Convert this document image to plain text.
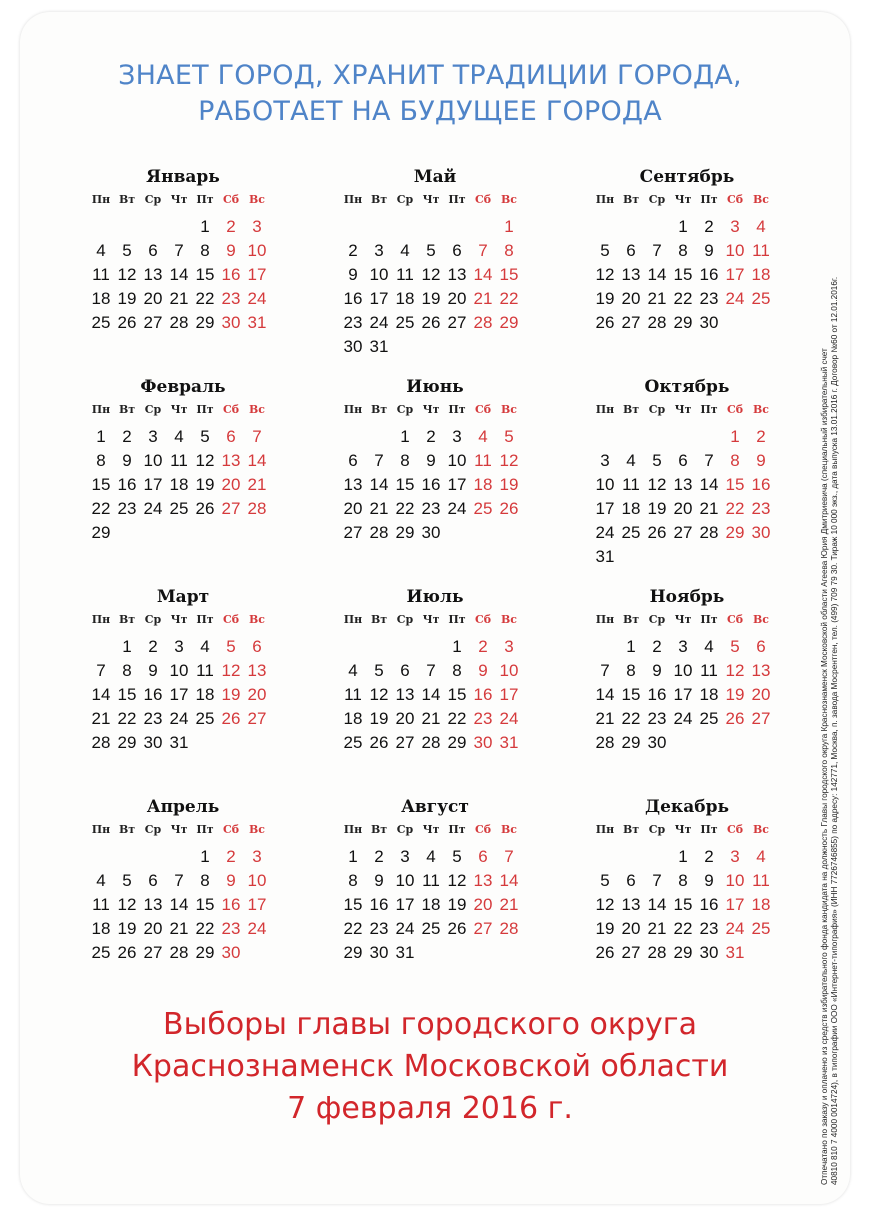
ЗНАЕТ ГОРОД, ХРАНИТ ТРАДИЦИИ ГОРОДА,
РАБОТАЕТ НА БУДУЩЕЕ ГОРОДА
Январь
Пн Вт Ср Чт Пт Сб Вс
1 2 3
4 5 6 7 8 9 10
11 12 13 14 15 16 17
18 19 20 21 22 23 24
25 26 27 28 29 30 31
Май
Пн Вт Ср Чт Пт Сб Вс
1
2 3 4 5 6 7 8
9 10 11 12 13 14 15
16 17 18 19 20 21 22
23 24 25 26 27 28 29
30 31
Сентябрь
Пн Вт Ср Чт Пт Сб Вс
1 2 3 4
5 6 7 8 9 10 11
12 13 14 15 16 17 18
19 20 21 22 23 24 25
26 27 28 29 30
Февраль
Пн Вт Ср Чт Пт Сб Вс
1 2 3 4 5 6 7
8 9 10 11 12 13 14
15 16 17 18 19 20 21
22 23 24 25 26 27 28
29
Июнь
Пн Вт Ср Чт Пт Сб Вс
1 2 3 4 5
6 7 8 9 10 11 12
13 14 15 16 17 18 19
20 21 22 23 24 25 26
27 28 29 30
Октябрь
Пн Вт Ср Чт Пт Сб Вс
1 2
3 4 5 6 7 8 9
10 11 12 13 14 15 16
17 18 19 20 21 22 23
24 25 26 27 28 29 30
31
Март
Пн Вт Ср Чт Пт Сб Вс
1 2 3 4 5 6
7 8 9 10 11 12 13
14 15 16 17 18 19 20
21 22 23 24 25 26 27
28 29 30 31
Июль
Пн Вт Ср Чт Пт Сб Вс
1 2 3
4 5 6 7 8 9 10
11 12 13 14 15 16 17
18 19 20 21 22 23 24
25 26 27 28 29 30 31
Ноябрь
Пн Вт Ср Чт Пт Сб Вс
1 2 3 4 5 6
7 8 9 10 11 12 13
14 15 16 17 18 19 20
21 22 23 24 25 26 27
28 29 30
Апрель
Пн Вт Ср Чт Пт Сб Вс
1 2 3
4 5 6 7 8 9 10
11 12 13 14 15 16 17
18 19 20 21 22 23 24
25 26 27 28 29 30
Август
Пн Вт Ср Чт Пт Сб Вс
1 2 3 4 5 6 7
8 9 10 11 12 13 14
15 16 17 18 19 20 21
22 23 24 25 26 27 28
29 30 31
Декабрь
Пн Вт Ср Чт Пт Сб Вс
1 2 3 4
5 6 7 8 9 10 11
12 13 14 15 16 17 18
19 20 21 22 23 24 25
26 27 28 29 30 31
Выборы главы городского округа
Краснознаменск Московской области
7 февраля 2016 г.	Отпечатано по заказу и оплачено из средств избирательного фонда кандидата на должность Главы городского округа Краснознаменск Московской области Агеева Юрия Дмитриевича (специальный избирательный счет 40810 810 7 4000 0014724), в типографии ООО «Интернет-типография» (ИНН 7726746855) по адресу: 142771, Москва, п. завода Мосрентген, тел. (499) 709 79 30. Тираж 10 000 экз., дата выпуска 13.01.2016 г. Договор №60 от 12.01.2016г.
